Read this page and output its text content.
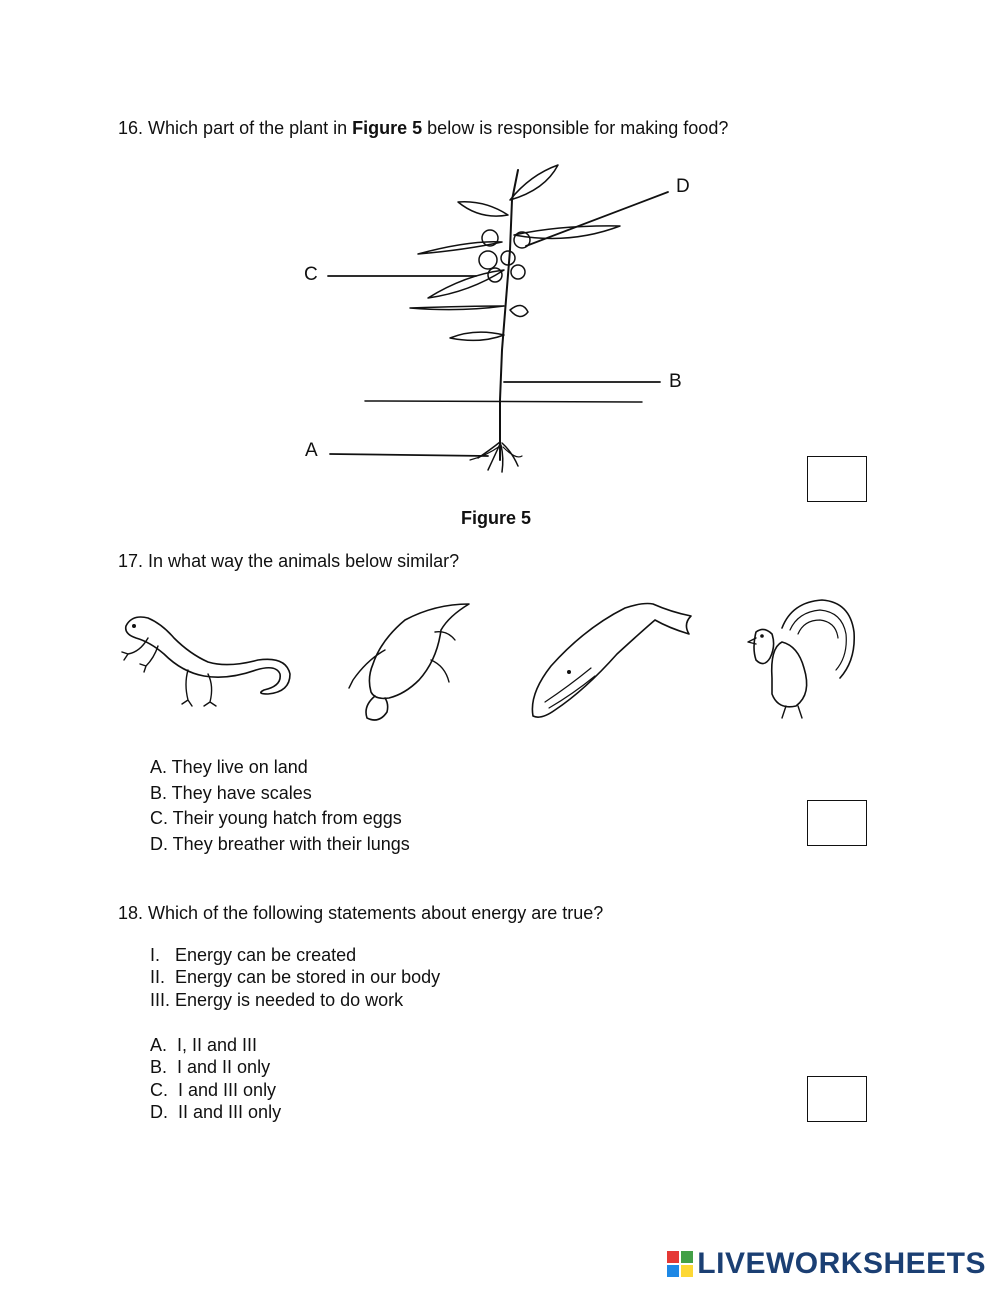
16. Which part of the plant in Figure 5 below is responsible for making food?
C
D
B
A
Figure 5
17. In what way the animals below similar?
A. They live on land
B. They have scales
C. Their young hatch from eggs
D. They breather with their lungs
18. Which of the following statements about energy are true?
I.   Energy can be created
II.  Energy can be stored in our body
III. Energy is needed to do work
A.  I, II and III
B.  I and II only
C.  I and III only
D.  II and III only
LIVEWORKSHEETS
